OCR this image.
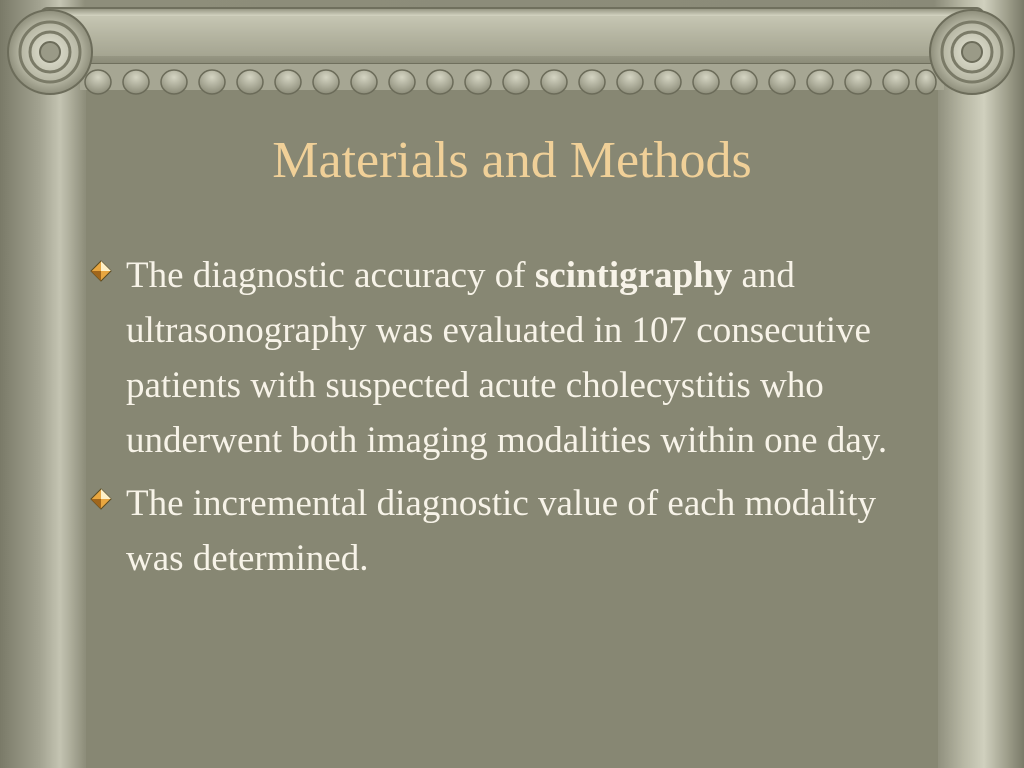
Materials and Methods
The diagnostic accuracy of scintigraphy and ultrasonography was evaluated in 107 consecutive patients with suspected acute cholecystitis who underwent both imaging modalities within one day.
The incremental diagnostic value of each modality was determined.
